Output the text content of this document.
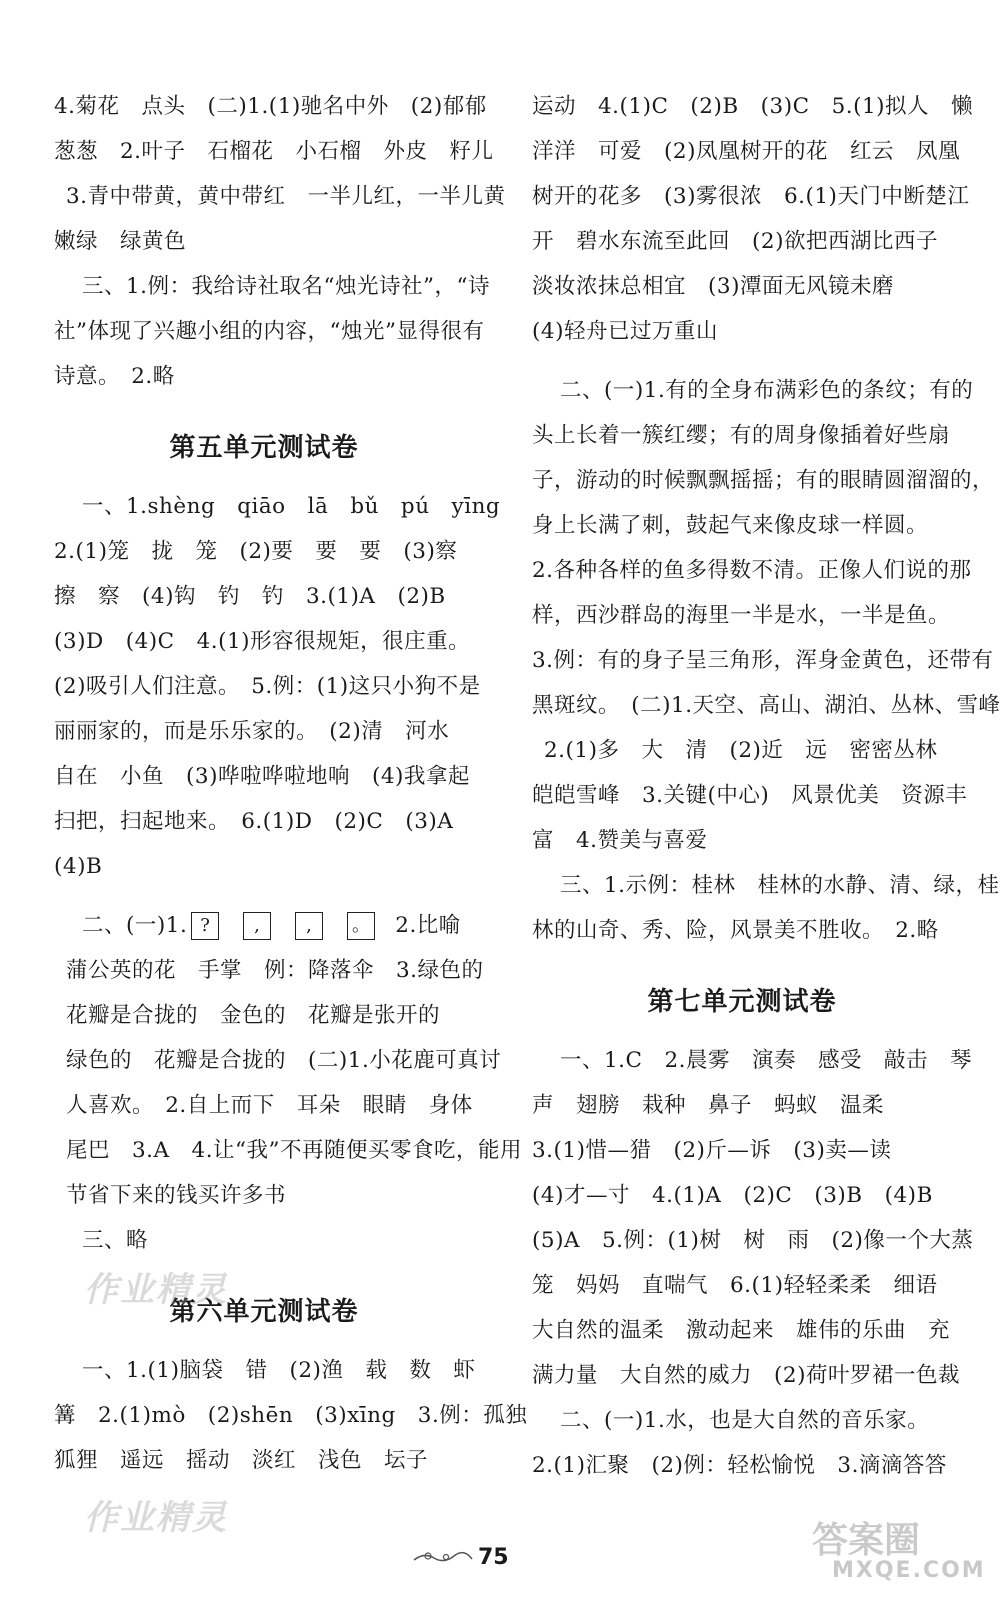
4.菊花　点头　(二)1.(1)驰名中外　(2)郁郁
葱葱　2.叶子　石榴花　小石榴　外皮　籽儿
3.青中带黄，黄中带红　一半儿红，一半儿黄
嫩绿　绿黄色
三、1.例：我给诗社取名“烛光诗社”，“诗
社”体现了兴趣小组的内容，“烛光”显得很有
诗意。　2.略
第五单元测试卷
一、1.shèng　qiāo　lā　bǔ　pú　yīng
2.(1)笼　拢　笼　(2)要　要　要　(3)察
擦　察　(4)钩　钓　钓　3.(1)A　(2)B
(3)D　(4)C　4.(1)形容很规矩，很庄重。
(2)吸引人们注意。　5.例：(1)这只小狗不是
丽丽家的，而是乐乐家的。　(2)清　河水
自在　小鱼　(3)哗啦哗啦地响　(4)我拿起
扫把，扫起地来。　6.(1)D　(2)C　(3)A
(4)B
二、(一)1. ? ,	, 。 2.比喻
蒲公英的花　手掌　例：降落伞　3.绿色的
花瓣是合拢的　金色的　花瓣是张开的
绿色的　花瓣是合拢的　(二)1.小花鹿可真讨
人喜欢。　2.自上而下　耳朵　眼睛　身体
尾巴　3.A　4.让“我”不再随便买零食吃，能用
节省下来的钱买许多书
三、略
第六单元测试卷
一、1.(1)脑袋　错　(2)渔　载　数　虾
篝　2.(1)mò　(2)shēn　(3)xīng　3.例：孤独
狐狸　遥远　摇动　淡红　浅色　坛子
运动　4.(1)C　(2)B　(3)C　5.(1)拟人　懒
洋洋　可爱　(2)凤凰树开的花　红云　凤凰
树开的花多　(3)雾很浓　6.(1)天门中断楚江
开　碧水东流至此回　(2)欲把西湖比西子
淡妆浓抹总相宜　(3)潭面无风镜未磨
(4)轻舟已过万重山
二、(一)1.有的全身布满彩色的条纹；有的
头上长着一簇红缨；有的周身像插着好些扇
子，游动的时候飘飘摇摇；有的眼睛圆溜溜的，
身上长满了刺，鼓起气来像皮球一样圆。
2.各种各样的鱼多得数不清。正像人们说的那
样，西沙群岛的海里一半是水，一半是鱼。
3.例：有的身子呈三角形，浑身金黄色，还带有
黑斑纹。　(二)1.天空、高山、湖泊、丛林、雪峰
2.(1)多　大　清　(2)近　远　密密丛林
皑皑雪峰　3.关键(中心)　风景优美　资源丰
富　4.赞美与喜爱
三、1.示例：桂林　桂林的水静、清、绿，桂
林的山奇、秀、险，风景美不胜收。　2.略
第七单元测试卷
一、1.C　2.晨雾　演奏　感受　敲击　琴
声　翅膀　栽种　鼻子　蚂蚁　温柔
3.(1)惜—猎　(2)斤—诉　(3)卖—读
(4)才—寸　4.(1)A　(2)C　(3)B　(4)B
(5)A　5.例：(1)树　树　雨　(2)像一个大蒸
笼　妈妈　直喘气　6.(1)轻轻柔柔　细语
大自然的温柔　激动起来　雄伟的乐曲　充
满力量　大自然的威力　(2)荷叶罗裙一色裁
二、(一)1.水，也是大自然的音乐家。
2.(1)汇聚　(2)例：轻松愉悦　3.滴滴答答
作业精灵
作业精灵
答案圈
MXQE.COM
75
